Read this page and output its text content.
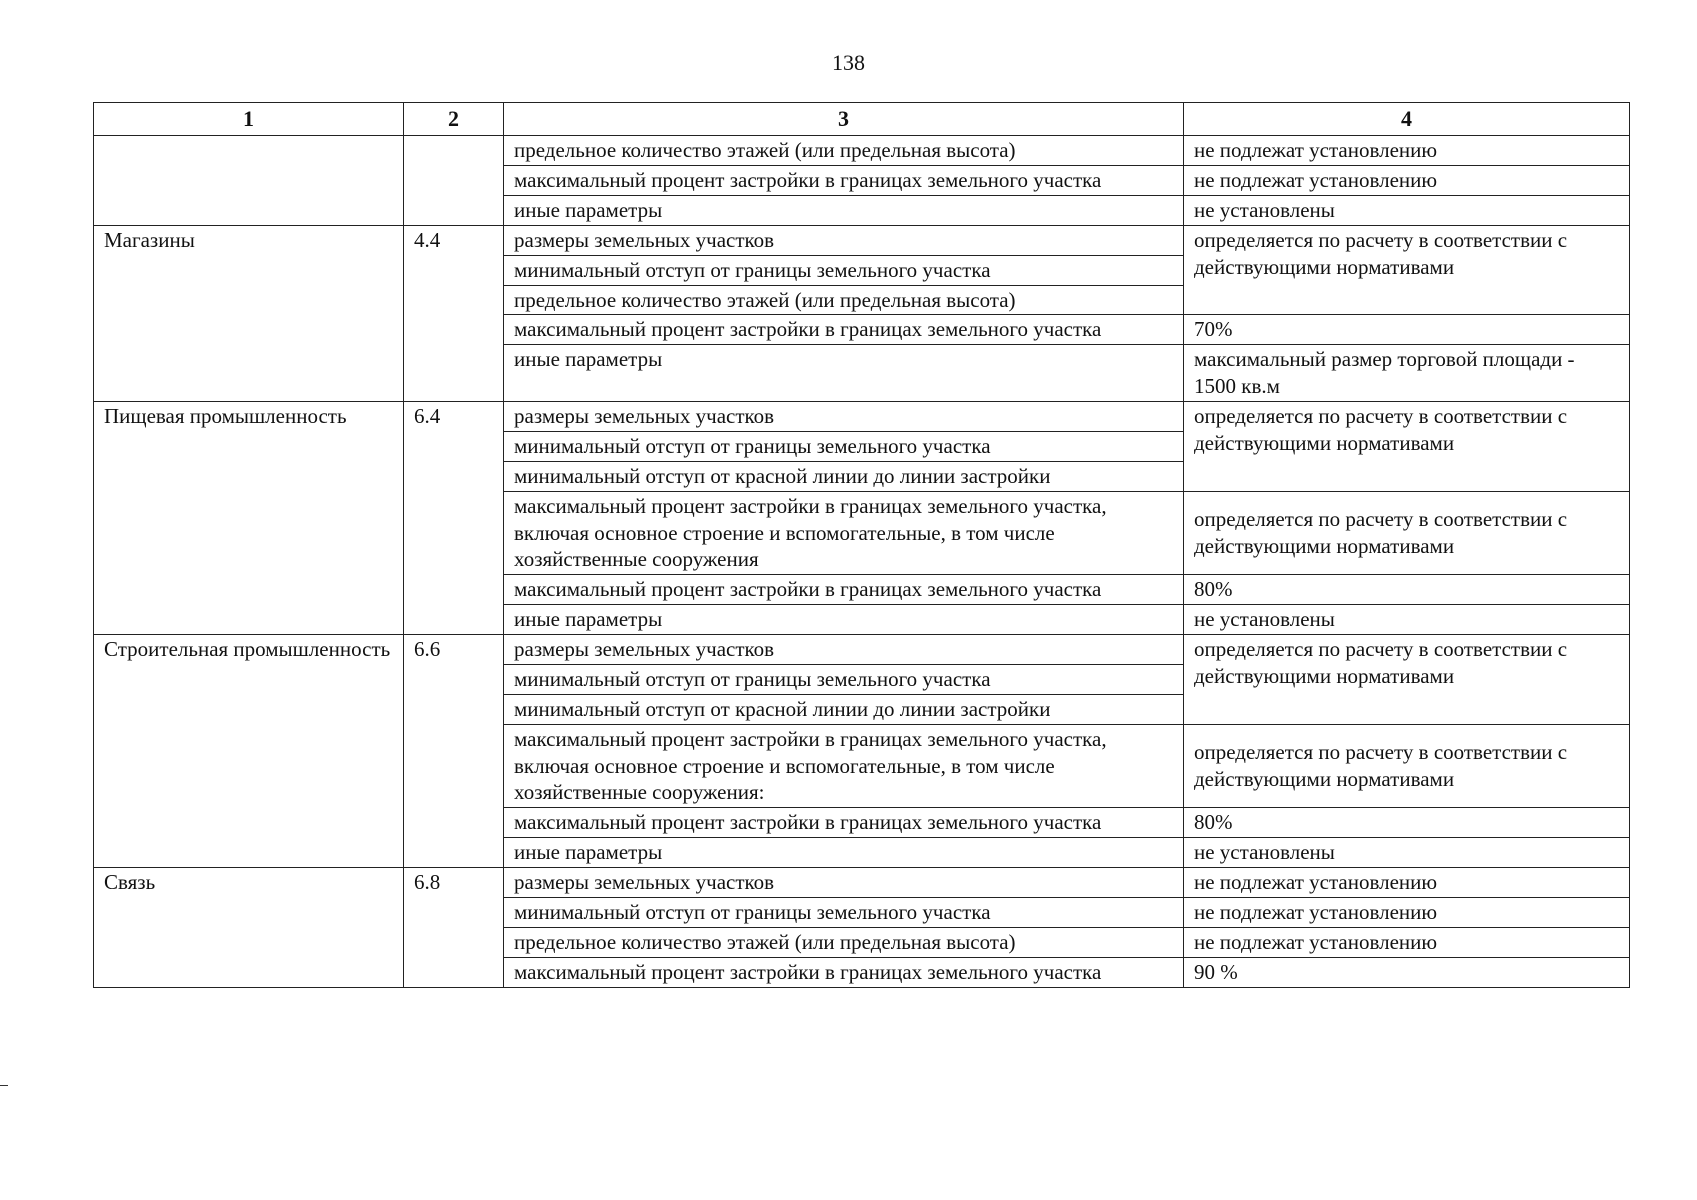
138
1	2	3	4
		предельное количество этажей (или предельная высота)	не подлежат установлению
		максимальный процент застройки в границах земельного участка	не подлежат установлению
		иные параметры	не установлены
Магазины	4.4	размеры земельных участков	определяется по расчету в соответствии с действующими нормативами
		минимальный отступ от границы земельного участка	
		предельное количество этажей (или предельная высота)	
		максимальный процент застройки в границах земельного участка	70%
		иные параметры	максимальный размер торговой площади - 1500 кв.м
Пищевая промышленность	6.4	размеры земельных участков	определяется по расчету в соответствии с действующими нормативами
		минимальный отступ от границы земельного участка	
		минимальный отступ от красной линии до линии застройки	
		максимальный процент застройки в границах земельного участка, включая основное строение и вспомогательные, в том числе хозяйственные сооружения	определяется по расчету в соответствии с действующими нормативами
		максимальный процент застройки в границах земельного участка	80%
		иные параметры	не установлены
Строительная промышленность	6.6	размеры земельных участков	определяется по расчету в соответствии с действующими нормативами
		минимальный отступ от границы земельного участка	
		минимальный отступ от красной линии до линии застройки	
		максимальный процент застройки в границах земельного участка, включая основное строение и вспомогательные, в том числе хозяйственные сооружения:	определяется по расчету в соответствии с действующими нормативами
		максимальный процент застройки в границах земельного участка	80%
		иные параметры	не установлены
Связь	6.8	размеры земельных участков	не подлежат установлению
		минимальный отступ от границы земельного участка	не подлежат установлению
		предельное количество этажей (или предельная высота)	не подлежат установлению
		максимальный процент застройки в границах земельного участка	90 %
